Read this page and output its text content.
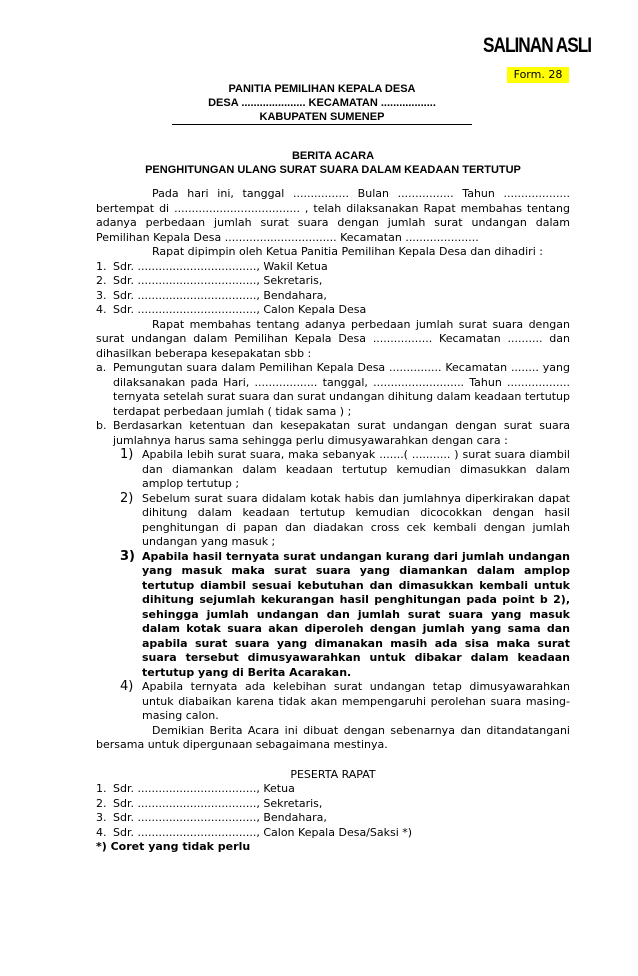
SALINAN ASLI
Form. 28
PANITIA PEMILIHAN KEPALA DESA
DESA ..................... KECAMATAN ..................
KABUPATEN SUMENEP
BERITA ACARA
PENGHITUNGAN ULANG SURAT SUARA DALAM KEADAAN TERTUTUP

Pada hari ini, tanggal ................ Bulan ................ Tahun ................... bertempat di .................................... , telah dilaksanakan Rapat membahas tentang adanya perbedaan jumlah surat suara dengan jumlah surat undangan dalam Pemilihan Kepala Desa ................................ Kecamatan .....................

Rapat dipimpin oleh Ketua Panitia Pemilihan Kepala Desa dan dihadiri :

1. Sdr. .................................., Wakil Ketua
2. Sdr. .................................., Sekretaris,
3. Sdr. .................................., Bendahara,
4. Sdr. .................................., Calon Kepala Desa

Rapat membahas tentang adanya perbedaan jumlah surat suara dengan surat undangan dalam Pemilihan Kepala Desa ................. Kecamatan .......... dan dihasilkan beberapa kesepakatan sbb :

a. Pemungutan suara dalam Pemilihan Kepala Desa ............... Kecamatan ........ yang dilaksanakan pada Hari, .................. tanggal, .......................... Tahun .................. ternyata setelah surat suara dan surat undangan dihitung dalam keadaan tertutup terdapat perbedaan jumlah ( tidak sama ) ;
b. Berdasarkan ketentuan dan kesepakatan surat undangan dengan surat suara jumlahnya harus sama sehingga perlu dimusyawarahkan dengan cara :
1) Apabila lebih surat suara, maka sebanyak .......( ........... ) surat suara diambil dan diamankan dalam keadaan tertutup kemudian dimasukkan dalam amplop tertutup ;
2) Sebelum surat suara didalam kotak habis dan jumlahnya diperkirakan dapat dihitung dalam keadaan tertutup kemudian dicocokkan dengan hasil penghitungan di papan dan diadakan cross cek kembali dengan jumlah undangan yang masuk ;
3) Apabila hasil ternyata surat undangan kurang dari jumlah undangan yang masuk maka surat suara yang diamankan dalam amplop tertutup diambil sesuai kebutuhan dan dimasukkan kembali untuk dihitung sejumlah kekurangan hasil penghitungan pada point b 2), sehingga jumlah undangan dan jumlah surat suara yang masuk dalam kotak suara akan diperoleh dengan jumlah yang sama dan apabila surat suara yang dimanakan masih ada sisa maka surat suara tersebut dimusyawarahkan untuk dibakar dalam keadaan tertutup yang di Berita Acarakan.
4) Apabila ternyata ada kelebihan surat undangan tetap dimusyawarahkan untuk diabaikan karena tidak akan mempengaruhi perolehan suara masing-masing calon.

Demikian Berita Acara ini dibuat dengan sebenarnya dan ditandatangani bersama untuk dipergunaan sebagaimana mestinya.

PESERTA RAPAT

1. Sdr. .................................., Ketua
2. Sdr. .................................., Sekretaris,
3. Sdr. .................................., Bendahara,
4. Sdr. .................................., Calon Kepala Desa/Saksi *)

*) Coret yang tidak perlu
